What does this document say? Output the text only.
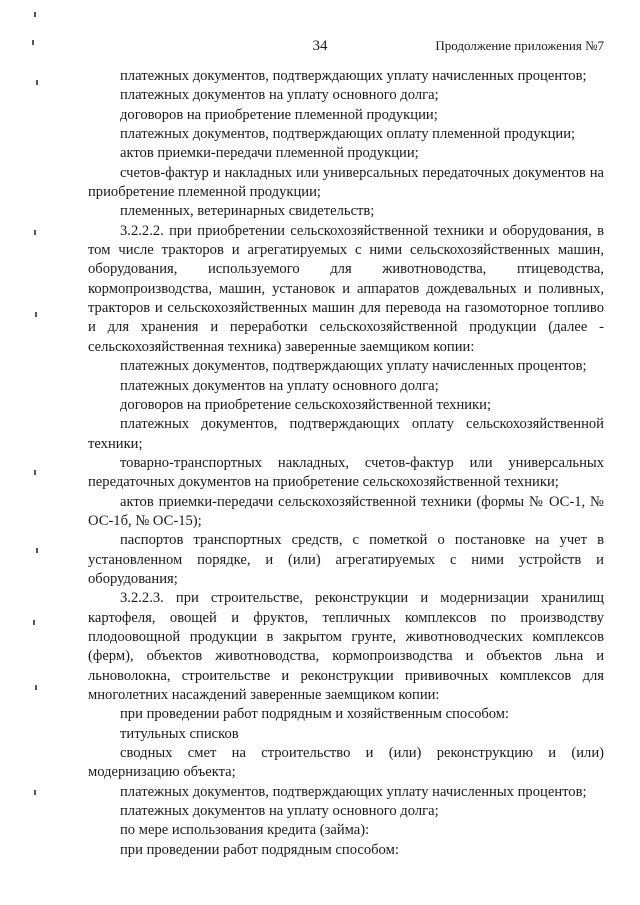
34	Продолжение приложения №7

платежных документов, подтверждающих уплату начисленных процентов;

платежных документов на уплату основного долга;

договоров на приобретение племенной продукции;

платежных документов, подтверждающих оплату племенной продукции;

актов приемки-передачи племенной продукции;

счетов-фактур и накладных или универсальных передаточных документов на приобретение племенной продукции;

племенных, ветеринарных свидетельств;

3.2.2.2. при приобретении сельскохозяйственной техники и оборудования, в том числе тракторов и агрегатируемых с ними сельскохозяйственных машин, оборудования, используемого для животноводства, птицеводства, кормопроизводства, машин, установок и аппаратов дождевальных и поливных, тракторов и сельскохозяйственных машин для перевода на газомоторное топливо и для хранения и переработки сельскохозяйственной продукции (далее - сельскохозяйственная техника) заверенные заемщиком копии:

платежных документов, подтверждающих уплату начисленных процентов;

платежных документов на уплату основного долга;

договоров на приобретение сельскохозяйственной техники;

платежных документов, подтверждающих оплату сельскохозяйственной техники;

товарно-транспортных накладных, счетов-фактур или универсальных передаточных документов на приобретение сельскохозяйственной техники;

актов приемки-передачи сельскохозяйственной техники (формы № ОС-1, № ОС-1б, № ОС-15);

паспортов транспортных средств, с пометкой о постановке на учет в установленном порядке, и (или) агрегатируемых с ними устройств и оборудования;

3.2.2.3. при строительстве, реконструкции и модернизации хранилищ картофеля, овощей и фруктов, тепличных комплексов по производству плодоовощной продукции в закрытом грунте, животноводческих комплексов (ферм), объектов животноводства, кормопроизводства и объектов льна и льноволокна, строительстве и реконструкции прививочных комплексов для многолетних насаждений заверенные заемщиком копии:

при проведении работ подрядным и хозяйственным способом:

титульных списков

сводных смет на строительство и (или) реконструкцию и (или) модернизацию объекта;

платежных документов, подтверждающих уплату начисленных процентов;

платежных документов на уплату основного долга;

по мере использования кредита (займа):

при проведении работ подрядным способом:
